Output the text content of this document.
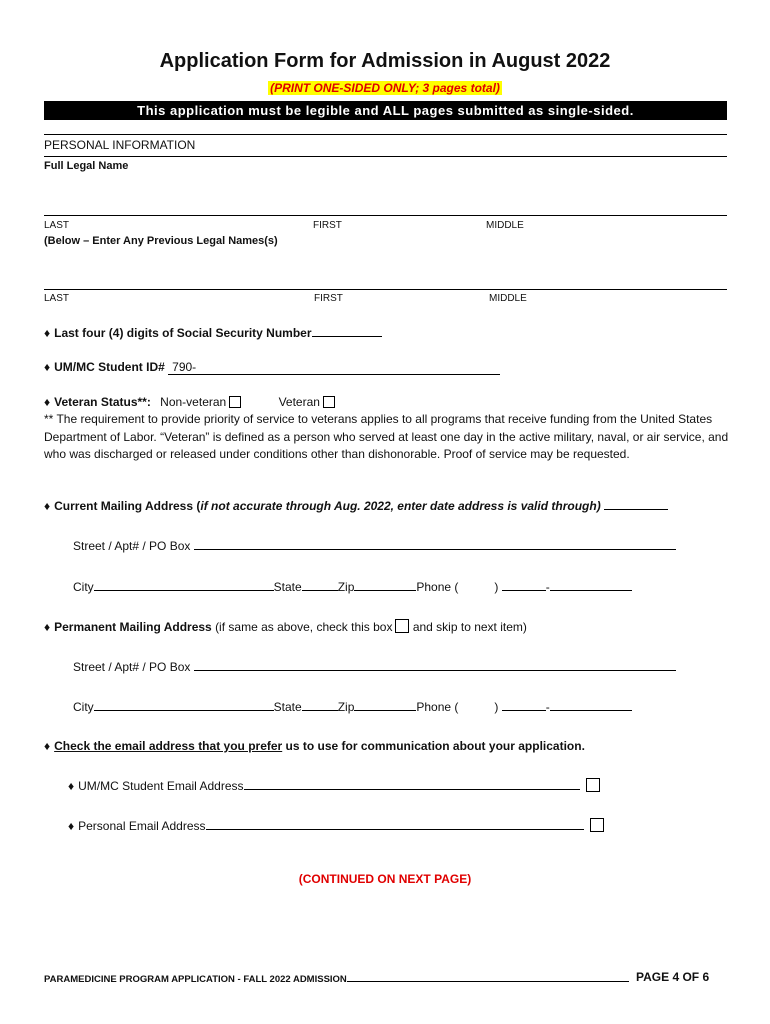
Application Form for Admission in August 2022
(PRINT ONE-SIDED ONLY; 3 pages total)
This application must be legible and ALL pages submitted as single-sided.
PERSONAL INFORMATION
Full Legal Name
LAST	FIRST	MIDDLE
(Below – Enter Any Previous Legal Names(s)
LAST	FIRST	MIDDLE
♦ Last four (4) digits of Social Security Number
♦ UM/MC Student ID# 790-
♦ Veteran Status**: Non-veteran	Veteran
** The requirement to provide priority of service to veterans applies to all programs that receive funding from the United States Department of Labor. “Veteran” is defined as a person who served at least one day in the active military, naval, or air service, and who was discharged or released under conditions other than dishonorable. Proof of service may be requested.
♦ Current Mailing Address (if not accurate through Aug. 2022, enter date address is valid through)
Street / Apt# / PO Box
City	State	Zip	Phone (	)	-
♦ Permanent Mailing Address (if same as above, check this box and skip to next item)
Street / Apt# / PO Box
City	State	Zip	Phone (	)	-
♦ Check the email address that you prefer us to use for communication about your application.
♦ UM/MC Student Email Address
♦ Personal Email Address
(CONTINUED ON NEXT PAGE)
PARAMEDICINE PROGRAM APPLICATION - FALL 2022 ADMISSION	PAGE 4 OF 6
